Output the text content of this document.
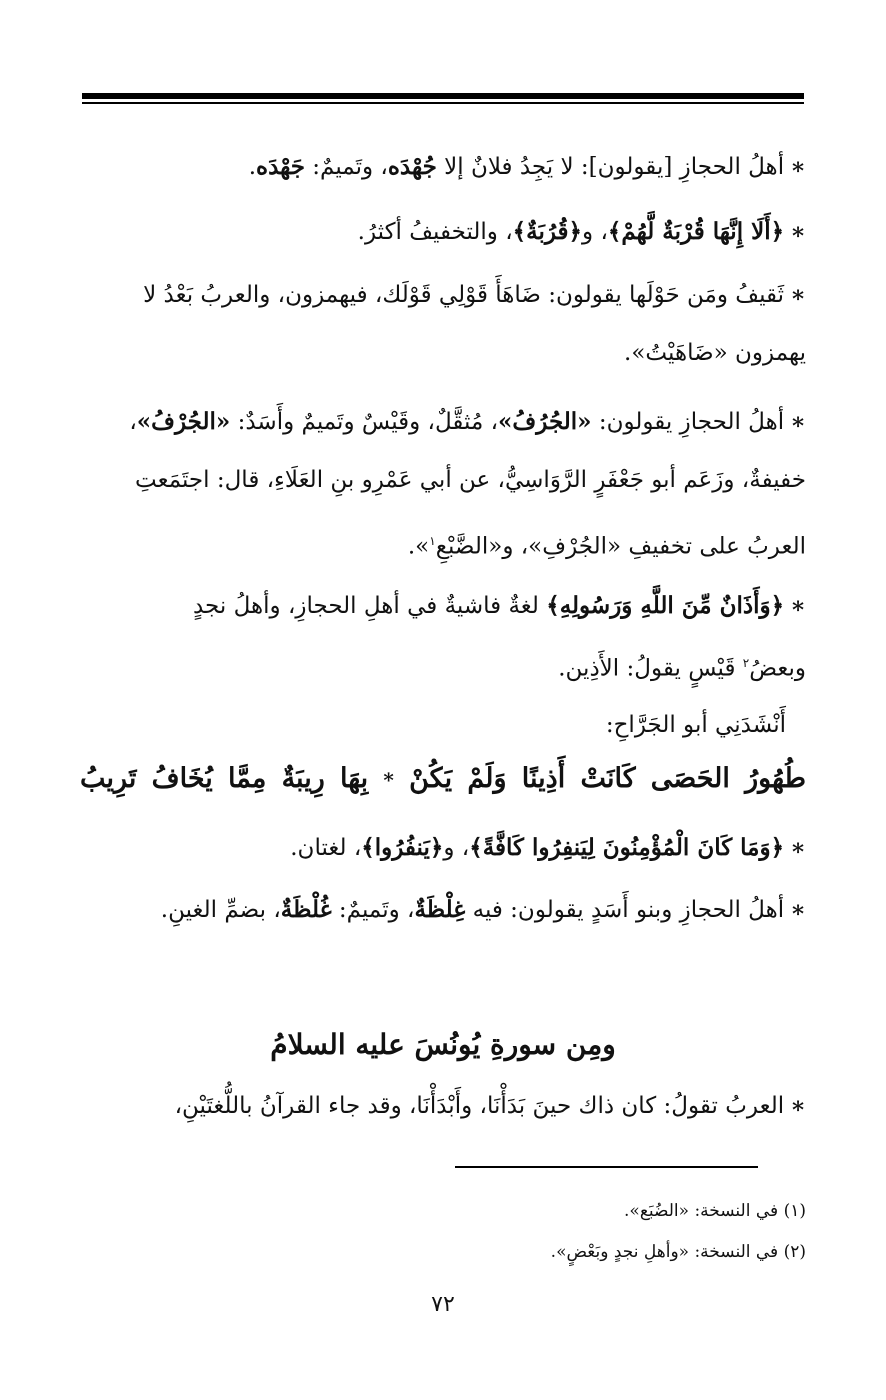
∗أهلُ الحجازِ [يقولون]: لا يَجِدُ فلانٌ إلا جُهْدَه، وتَميمٌ: جَهْدَه.
∗﴿أَلَا إِنَّهَا قُرْبَةٌ لَّهُمْ﴾، و﴿قُرُبَةٌ﴾، والتخفيفُ أكثرُ.
∗ثَقيفُ ومَن حَوْلَها يقولون: ضَاهَأَ قَوْلِي قَوْلَك، فيهمزون، والعربُ بَعْدُ لا
يهمزون «ضَاهَيْتُ».
∗أهلُ الحجازِ يقولون: «الجُرُفُ»، مُثقَّلٌ، وقَيْسٌ وتَميمٌ وأَسَدٌ: «الجُرْفُ»،
خفيفةٌ، وزَعَم أبو جَعْفَرٍ الرَّوَاسِيُّ، عن أبي عَمْرِو بنِ العَلَاءِ، قال: اجتَمَعتِ
العربُ على تخفيفِ «الجُرْفِ»، و«الضَّبْعِ$^١$».
∗﴿وَأَذَانٌ مِّنَ اللَّهِ وَرَسُولِهِ﴾ لغةٌ فاشيةٌ في أهلِ الحجازِ، وأهلُ نجدٍ
وبعضُ$^٢$ قَيْسٍ يقولُ: الأَذِين.
أَنْشَدَنِي أبو الجَرَّاحِ:
طُهُورُ الحَصَى كَانَتْ أَذِينًا وَلَمْ يَكُنْ * بِهَا رِيبَةٌ مِمَّا يُخَافُ تَرِيبُ
∗﴿وَمَا كَانَ الْمُؤْمِنُونَ لِيَنفِرُوا كَافَّةً﴾، و﴿يَنفُرُوا﴾، لغتان.
∗أهلُ الحجازِ وبنو أَسَدٍ يقولون: فيه غِلْظَةٌ، وتَميمٌ: غُلْظَةٌ، بضمِّ الغينِ.
ومِن سورةِ يُونُسَ عليه السلامُ
∗العربُ تقولُ: كان ذاك حينَ بَدَأْنَا، وأَبْدَأْنَا، وقد جاء القرآنُ باللُّغتَيْنِ،
(١) في النسخة: «الضُبَع».
(٢) في النسخة: «وأهلِ نجدٍ وبَعْضٍ».
٧٢
